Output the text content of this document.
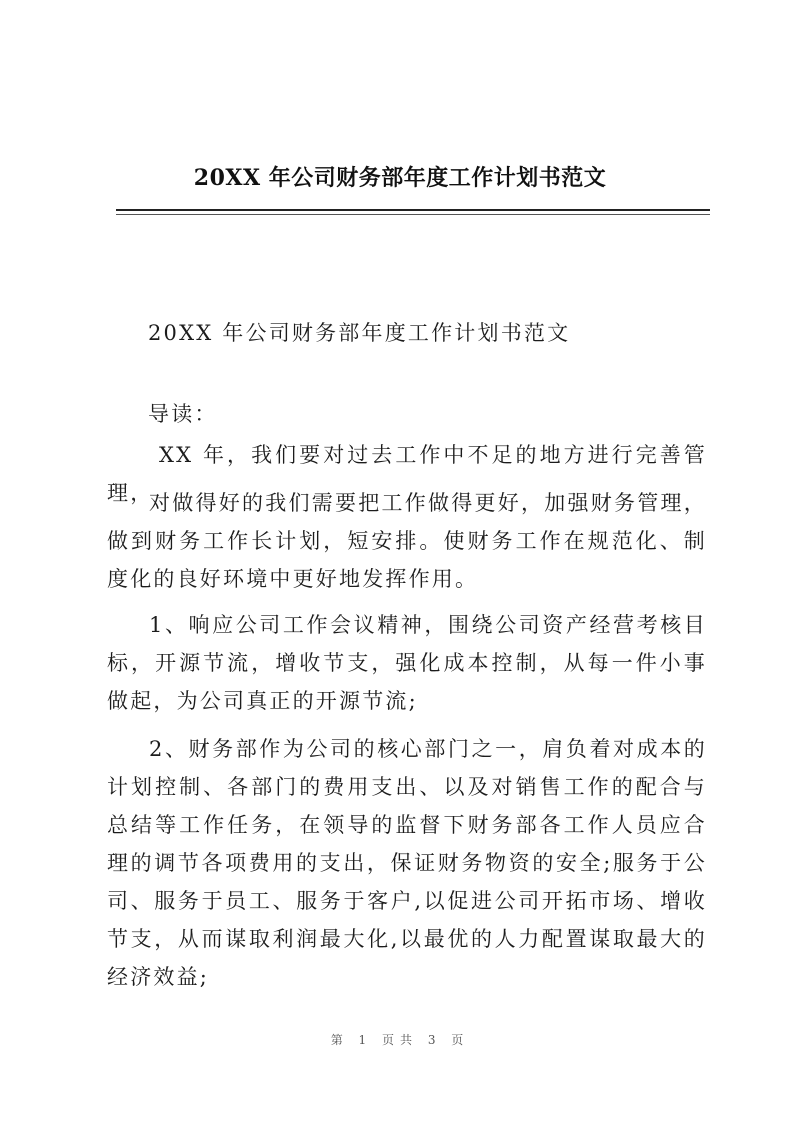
20XX 年公司财务部年度工作计划书范文
20XX 年公司财务部年度工作计划书范文
导读：
XX 年，我们要对过去工作中不足的地方进行完善管理，
对做得好的我们需要把工作做得更好，加强财务管理，做到财务工作长计划，短安排。使财务工作在规范化、制度化的良好环境中更好地发挥作用。
1、响应公司工作会议精神，围绕公司资产经营考核目标，开源节流，增收节支，强化成本控制，从每一件小事做起，为公司真正的开源节流;
2、财务部作为公司的核心部门之一，肩负着对成本的计划控制、各部门的费用支出、以及对销售工作的配合与总结等工作任务，在领导的监督下财务部各工作人员应合理的调节各项费用的支出，保证财务物资的安全;服务于公司、服务于员工、服务于客户,以促进公司开拓市场、增收节支，从而谋取利润最大化,以最优的人力配置谋取最大的经济效益;
第 1 页共 3 页
